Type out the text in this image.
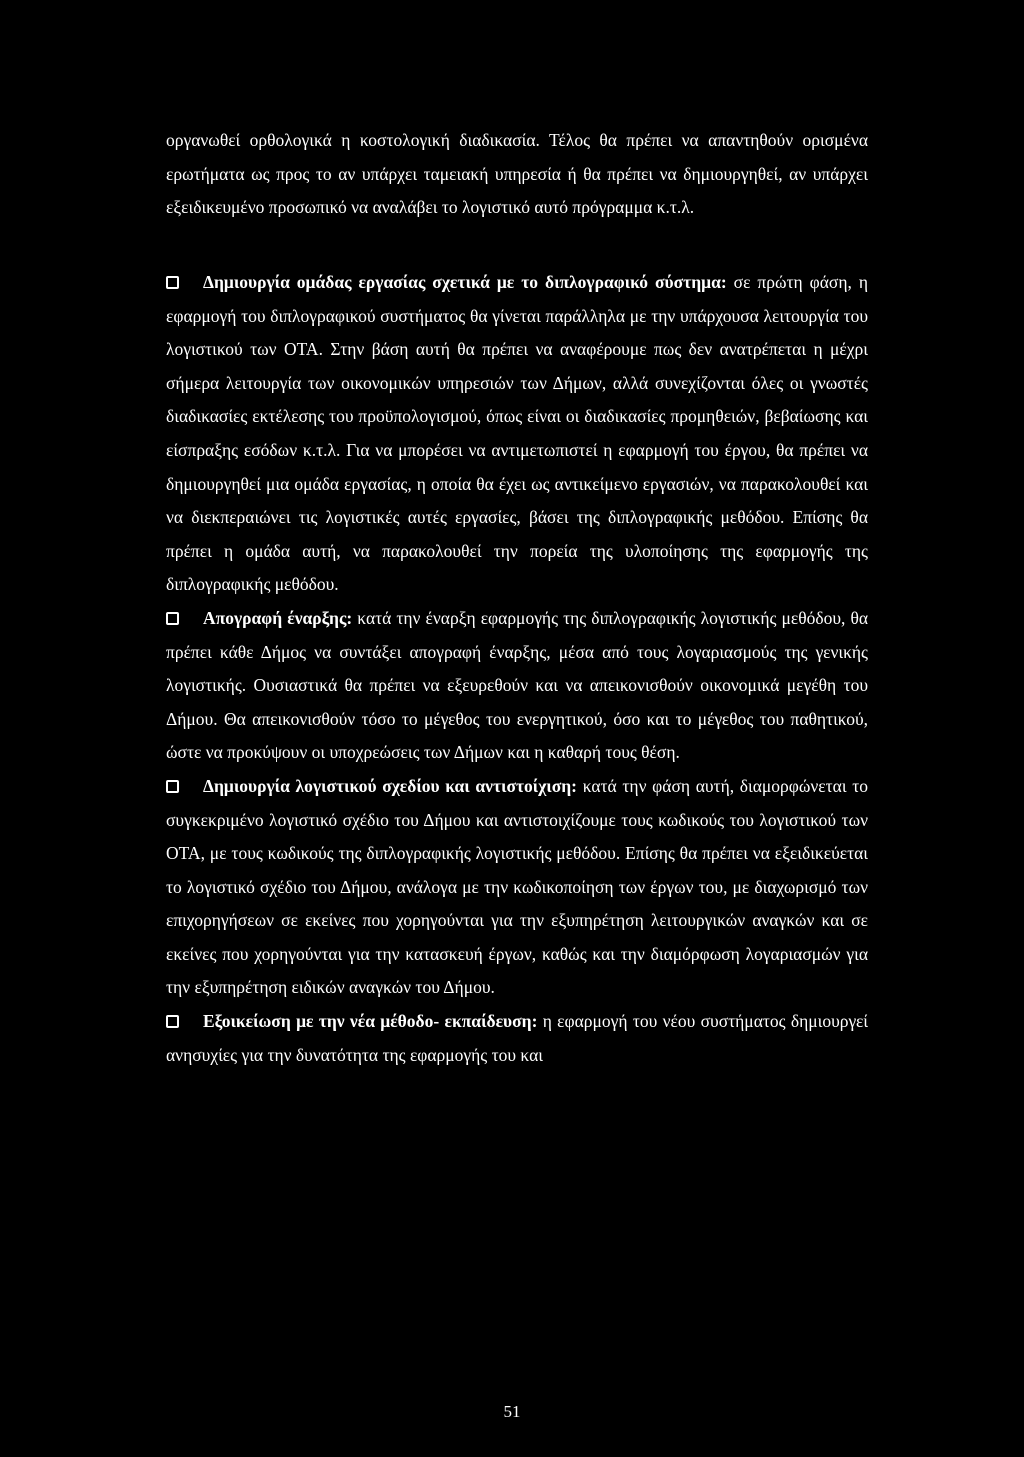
οργανωθεί ορθολογικά η κοστολογική διαδικασία. Τέλος θα πρέπει να απαντηθούν ορισμένα ερωτήματα ως προς το αν υπάρχει ταμειακή υπηρεσία ή θα πρέπει να δημιουργηθεί, αν υπάρχει εξειδικευμένο προσωπικό να αναλάβει το λογιστικό αυτό πρόγραμμα κ.τ.λ.

Δημιουργία ομάδας εργασίας σχετικά με το διπλογραφικό σύστημα: σε πρώτη φάση, η εφαρμογή του διπλογραφικού συστήματος θα γίνεται παράλληλα με την υπάρχουσα λειτουργία του λογιστικού των ΟΤΑ. Στην βάση αυτή θα πρέπει να αναφέρουμε πως δεν ανατρέπεται η μέχρι σήμερα λειτουργία των οικονομικών υπηρεσιών των Δήμων, αλλά συνεχίζονται όλες οι γνωστές διαδικασίες εκτέλεσης του προϋπολογισμού, όπως είναι οι διαδικασίες προμηθειών, βεβαίωσης και είσπραξης εσόδων κ.τ.λ. Για να μπορέσει να αντιμετωπιστεί η εφαρμογή του έργου, θα πρέπει να δημιουργηθεί μια ομάδα εργασίας, η οποία θα έχει ως αντικείμενο εργασιών, να παρακολουθεί και να διεκπεραιώνει τις λογιστικές αυτές εργασίες, βάσει της διπλογραφικής μεθόδου. Επίσης θα πρέπει η ομάδα αυτή, να παρακολουθεί την πορεία της υλοποίησης της εφαρμογής της διπλογραφικής μεθόδου.

Απογραφή έναρξης: κατά την έναρξη εφαρμογής της διπλογραφικής λογιστικής μεθόδου, θα πρέπει κάθε Δήμος να συντάξει απογραφή έναρξης, μέσα από τους λογαριασμούς της γενικής λογιστικής. Ουσιαστικά θα πρέπει να εξευρεθούν και να απεικονισθούν οικονομικά μεγέθη του Δήμου. Θα απεικονισθούν τόσο το μέγεθος του ενεργητικού, όσο και το μέγεθος του παθητικού, ώστε να προκύψουν οι υποχρεώσεις των Δήμων και η καθαρή τους θέση.

Δημιουργία λογιστικού σχεδίου και αντιστοίχιση: κατά την φάση αυτή, διαμορφώνεται το συγκεκριμένο λογιστικό σχέδιο του Δήμου και αντιστοιχίζουμε τους κωδικούς του λογιστικού των ΟΤΑ, με τους κωδικούς της διπλογραφικής λογιστικής μεθόδου. Επίσης θα πρέπει να εξειδικεύεται το λογιστικό σχέδιο του Δήμου, ανάλογα με την κωδικοποίηση των έργων του, με διαχωρισμό των επιχορηγήσεων σε εκείνες που χορηγούνται για την εξυπηρέτηση λειτουργικών αναγκών και σε εκείνες που χορηγούνται για την κατασκευή έργων, καθώς και την διαμόρφωση λογαριασμών για την εξυπηρέτηση ειδικών αναγκών του Δήμου.

Εξοικείωση με την νέα μέθοδο- εκπαίδευση: η εφαρμογή του νέου συστήματος δημιουργεί ανησυχίες για την δυνατότητα της εφαρμογής του και

51
